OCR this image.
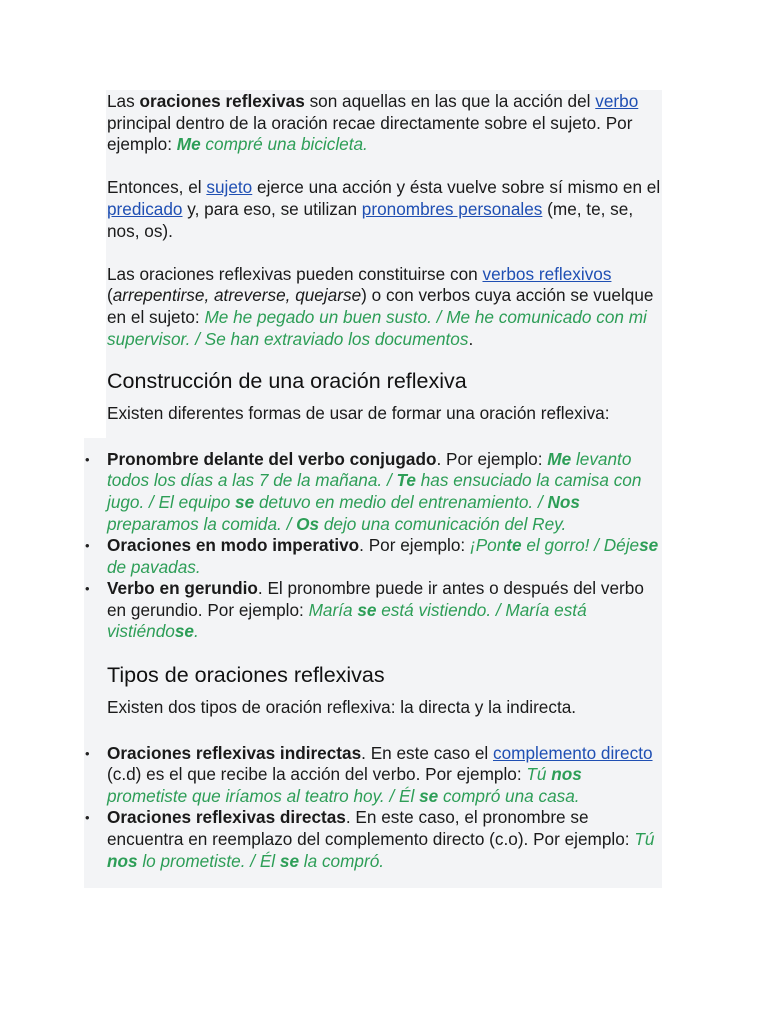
Las oraciones reflexivas son aquellas en las que la acción del verbo principal dentro de la oración recae directamente sobre el sujeto. Por ejemplo: Me compré una bicicleta.

Entonces, el sujeto ejerce una acción y ésta vuelve sobre sí mismo en el predicado y, para eso, se utilizan pronombres personales (me, te, se, nos, os).

Las oraciones reflexivas pueden constituirse con verbos reflexivos (arrepentirse, atreverse, quejarse) o con verbos cuya acción se vuelque en el sujeto: Me he pegado un buen susto. / Me he comunicado con mi supervisor. / Se han extraviado los documentos.

Construcción de una oración reflexiva

Existen diferentes formas de usar de formar una oración reflexiva:

• Pronombre delante del verbo conjugado. Por ejemplo: Me levanto todos los días a las 7 de la mañana. / Te has ensuciado la camisa con jugo. / El equipo se detuvo en medio del entrenamiento. / Nos preparamos la comida. / Os dejo una comunicación del Rey.
• Oraciones en modo imperativo. Por ejemplo: ¡Ponte el gorro! / Déjese de pavadas.
• Verbo en gerundio. El pronombre puede ir antes o después del verbo en gerundio. Por ejemplo: María se está vistiendo. / María está vistiéndose.
Tipos de oraciones reflexivas

Existen dos tipos de oración reflexiva: la directa y la indirecta.

• Oraciones reflexivas indirectas. En este caso el complemento directo (c.d) es el que recibe la acción del verbo. Por ejemplo: Tú nos prometiste que iríamos al teatro hoy. / Él se compró una casa.
• Oraciones reflexivas directas. En este caso, el pronombre se encuentra en reemplazo del complemento directo (c.o). Por ejemplo: Tú nos lo prometiste. / Él se la compró.
